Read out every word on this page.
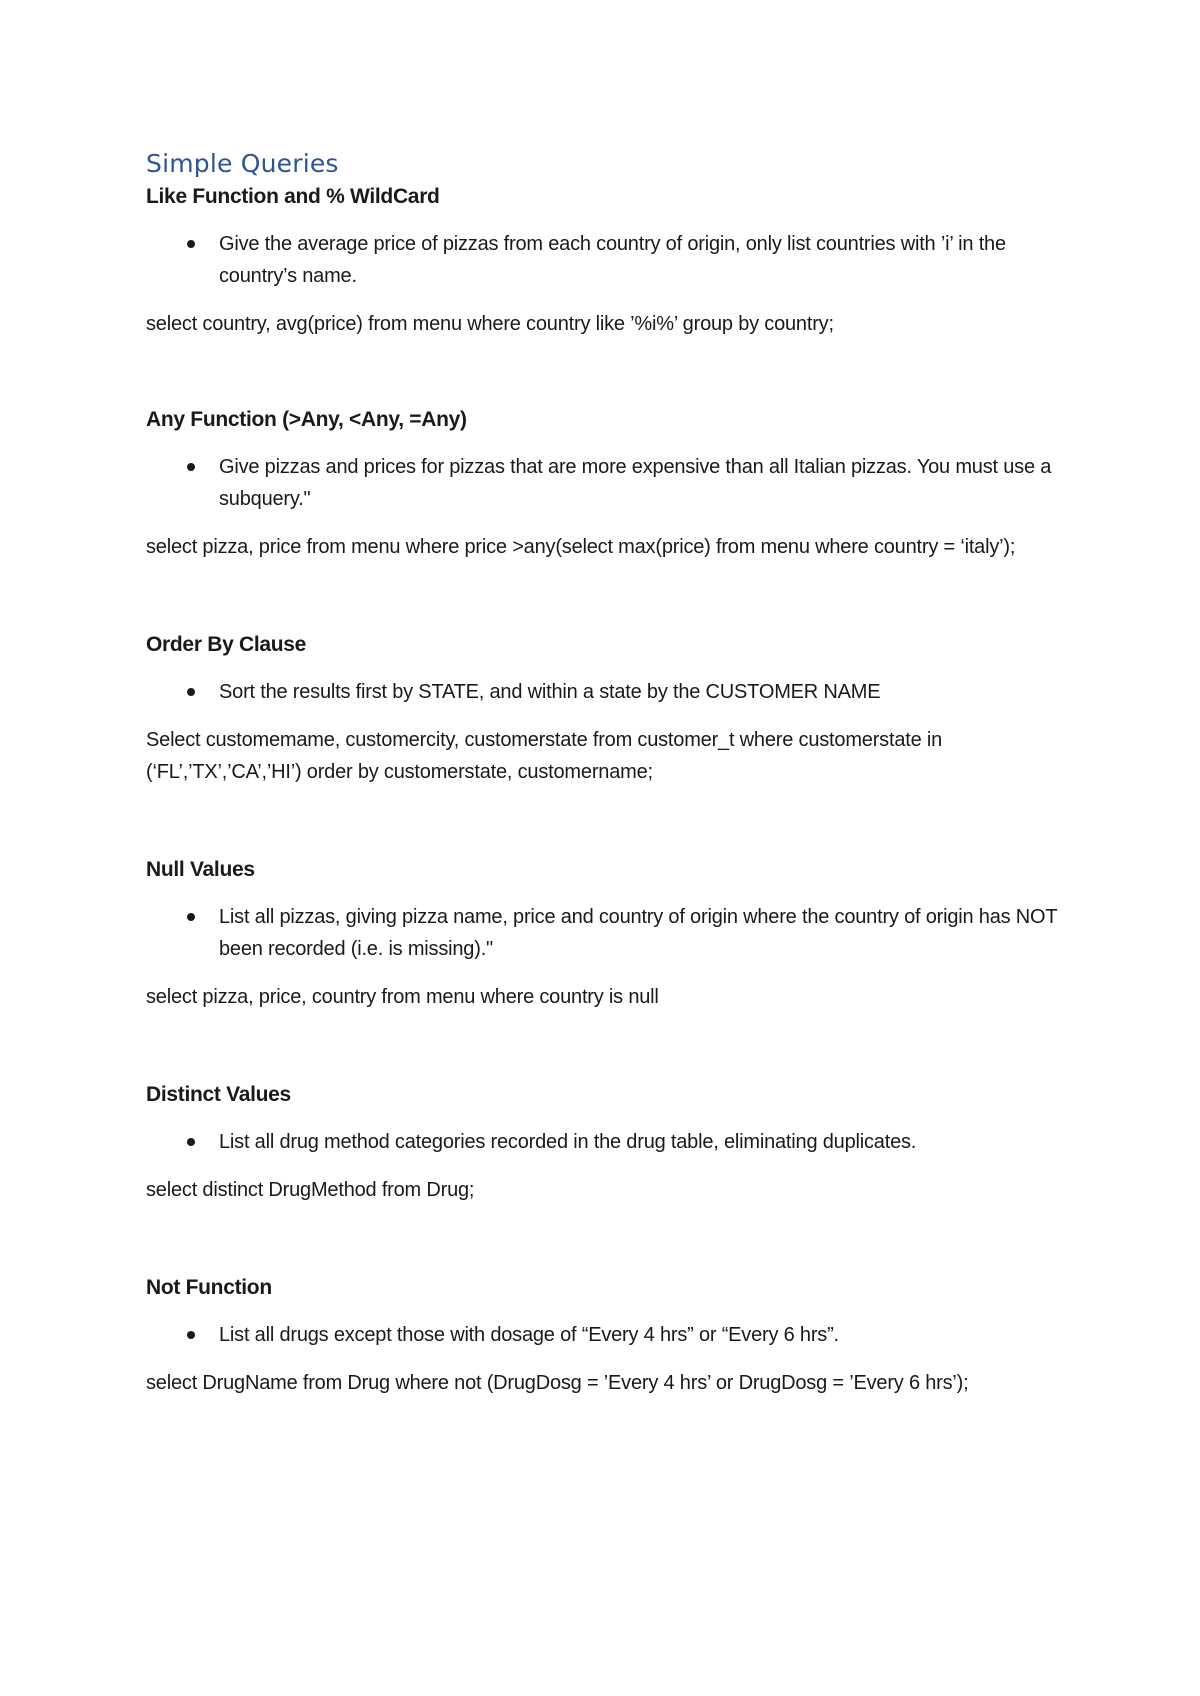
Simple Queries
Like Function and % WildCard
Give the average price of pizzas from each country of origin, only list countries with ’i’ in the country’s name.

select country, avg(price) from menu where country like ’%i%’ group by country;

Any Function (>Any, <Any, =Any)
Give pizzas and prices for pizzas that are more expensive than all Italian pizzas. You must use a subquery."

select pizza, price from menu where price >any(select max(price) from menu where country = ‘italy’);

Order By Clause
Sort the results first by STATE, and within a state by the CUSTOMER NAME

Select customemame, customercity, customerstate from customer_t where customerstate in (‘FL’,’TX’,’CA’,’HI’) order by customerstate, customername;

Null Values
List all pizzas, giving pizza name, price and country of origin where the country of origin has NOT been recorded (i.e. is missing)."

select pizza, price, country from menu where country is null

Distinct Values
List all drug method categories recorded in the drug table, eliminating duplicates.

select distinct DrugMethod from Drug;

Not Function
List all drugs except those with dosage of “Every 4 hrs” or “Every 6 hrs”.

select DrugName from Drug where not (DrugDosg = ’Every 4 hrs’ or DrugDosg = ’Every 6 hrs’);
